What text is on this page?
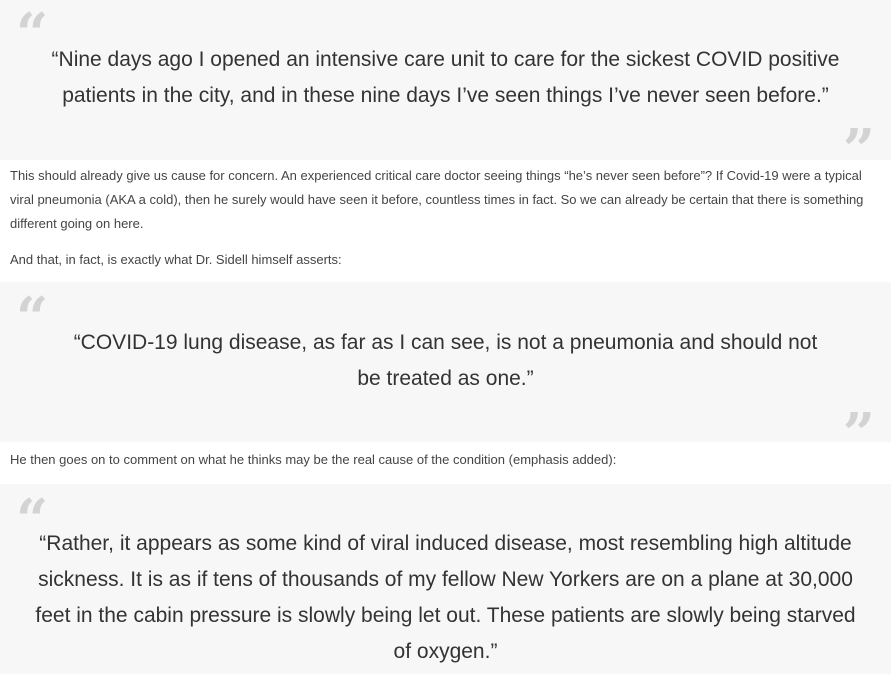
“ “Nine days ago I opened an intensive care unit to care for the sickest COVID positive patients in the city, and in these nine days I’ve seen things I’ve never seen before.”
”
This should already give us cause for concern. An experienced critical care doctor seeing things “he’s never seen before”? If Covid-19 were a typical viral pneumonia (AKA a cold), then he surely would have seen it before, countless times in fact. So we can already be certain that there is something different going on here.
And that, in fact, is exactly what Dr. Sidell himself asserts:
“	“COVID-19 lung disease, as far as I can see, is not a pneumonia and should not be treated as one.”
”
He then goes on to comment on what he thinks may be the real cause of the condition (emphasis added):
“
“Rather, it appears as some kind of viral induced disease, most resembling high altitude sickness. It is as if tens of thousands of my fellow New Yorkers are on a plane at 30,000 feet in the cabin pressure is slowly being let out. These patients are slowly being starved of oxygen.”
